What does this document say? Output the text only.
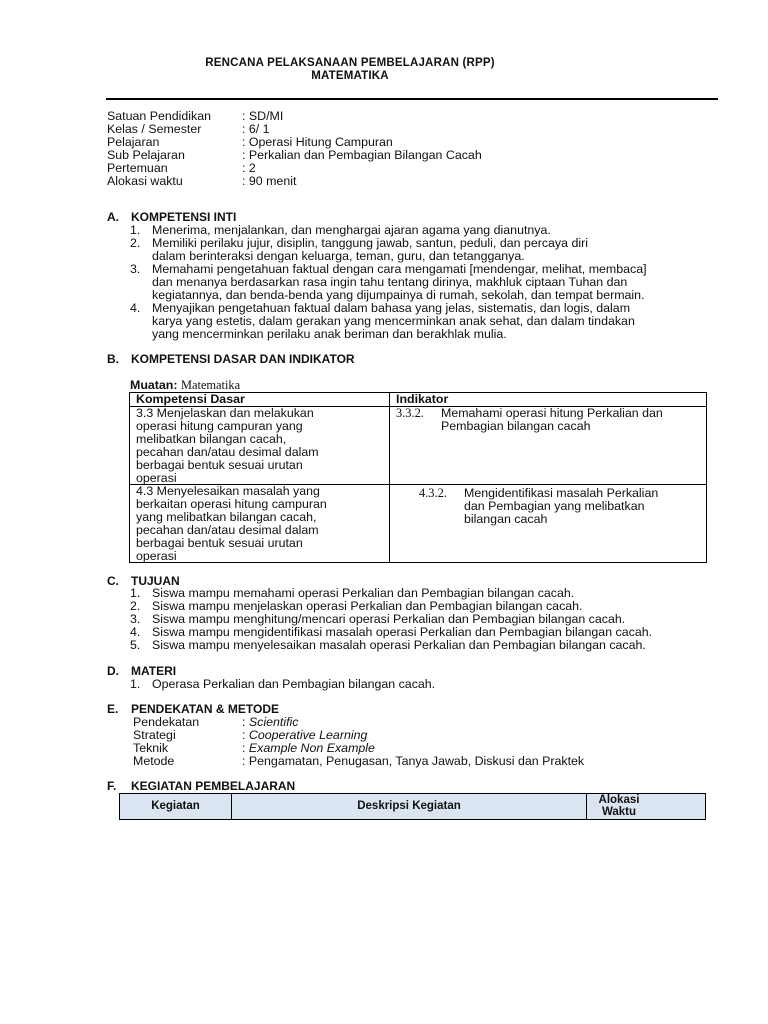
RENCANA PELAKSANAAN PEMBELAJARAN (RPP)
MATEMATIKA
Satuan Pendidikan : SD/MI
Kelas / Semester	: 6/ 1
Pelajaran	: Operasi Hitung Campuran
Sub Pelajaran	: Perkalian dan Pembagian Bilangan Cacah
Pertemuan	: 2
Alokasi waktu	: 90 menit
A. KOMPETENSI INTI
1. Menerima, menjalankan, dan menghargai ajaran agama yang dianutnya.
2. Memiliki perilaku jujur, disiplin, tanggung jawab, santun, peduli, dan percaya diri
dalam berinteraksi dengan keluarga, teman, guru, dan tetangganya.
3. Memahami pengetahuan faktual dengan cara mengamati [mendengar, melihat, membaca]
dan menanya berdasarkan rasa ingin tahu tentang dirinya, makhluk ciptaan Tuhan dan
kegiatannya, dan benda-benda yang dijumpainya di rumah, sekolah, dan tempat bermain.
4. Menyajikan pengetahuan faktual dalam bahasa yang jelas, sistematis, dan logis, dalam
karya yang estetis, dalam gerakan yang mencerminkan anak sehat, dan dalam tindakan
yang mencerminkan perilaku anak beriman dan berakhlak mulia.
B. KOMPETENSI DASAR DAN INDIKATOR
Muatan: Matematika
Kompetensi Dasar	Indikator
3.3 Menjelaskan dan melakukan
operasi hitung campuran yang
melibatkan bilangan cacah,
pecahan dan/atau desimal dalam
berbagai bentuk sesuai urutan
operasi
3.3.2. Memahami operasi hitung Perkalian dan
Pembagian bilangan cacah
4.3 Menyelesaikan masalah yang
berkaitan operasi hitung campuran
yang melibatkan bilangan cacah,
pecahan dan/atau desimal dalam
berbagai bentuk sesuai urutan
operasi
4.3.2. Mengidentifikasi masalah Perkalian
dan Pembagian yang melibatkan
bilangan cacah
C. TUJUAN
1. Siswa mampu memahami operasi Perkalian dan Pembagian bilangan cacah.
2. Siswa mampu menjelaskan operasi Perkalian dan Pembagian bilangan cacah.
3. Siswa mampu menghitung/mencari operasi Perkalian dan Pembagian bilangan cacah.
4. Siswa mampu mengidentifikasi masalah operasi Perkalian dan Pembagian bilangan cacah.
5. Siswa mampu menyelesaikan masalah operasi Perkalian dan Pembagian bilangan cacah.
D. MATERI
1. Operasa Perkalian dan Pembagian bilangan cacah.
E. PENDEKATAN & METODE
Pendekatan	: Scientific
Strategi	: Cooperative Learning
Teknik	: Example Non Example
Metode	: Pengamatan, Penugasan, Tanya Jawab, Diskusi dan Praktek
F. KEGIATAN PEMBELAJARAN
Kegiatan	Deskripsi Kegiatan	Alokasi
Waktu
